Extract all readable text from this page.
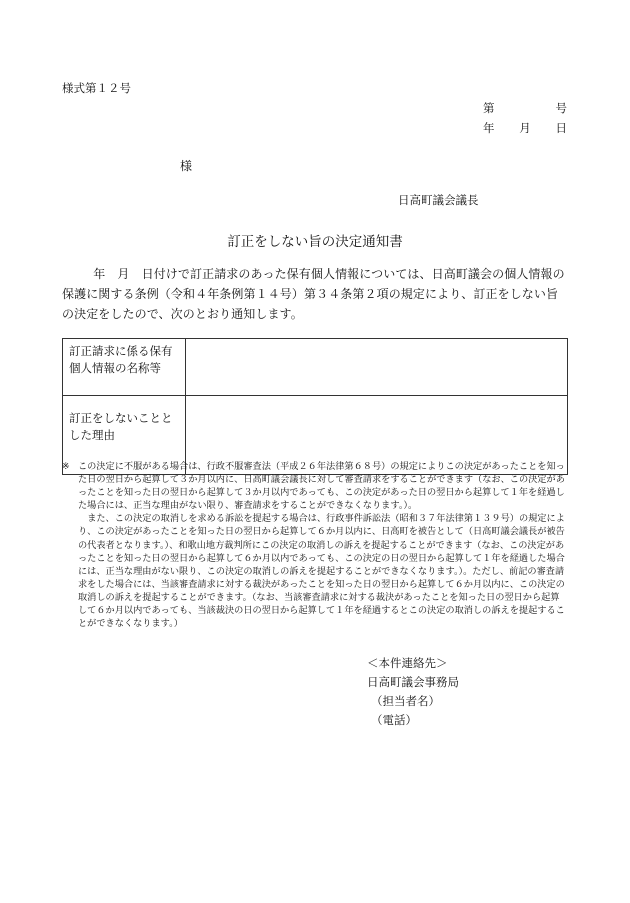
様式第１２号
第	号
年 月 日
様
日高町議会議長
訂正をしない旨の決定通知書
年　月　日付けで訂正請求のあった保有個人情報については、日高町議会の個人情報の保護に関する条例（令和４年条例第１４号）第３４条第２項の規定により、訂正をしない旨の決定をしたので、次のとおり通知します。
訂正請求に係る保有個人情報の名称等	
訂正をしないこととした理由	
※ この決定に不服がある場合は、行政不服審査法（平成２６年法律第６８号）の規定によりこの決定があったことを知った日の翌日から起算して３か月以内に、日高町議会議長に対して審査請求をすることができます（なお、この決定があったことを知った日の翌日から起算して３か月以内であっても、この決定があった日の翌日から起算して１年を経過した場合には、正当な理由がない限り、審査請求をすることができなくなります。）。

また、この決定の取消しを求める訴訟を提起する場合は、行政事件訴訟法（昭和３７年法律第１３９号）の規定により、この決定があったことを知った日の翌日から起算して６か月以内に、日高町を被告として（日高町議会議長が被告の代表者となります。）、和歌山地方裁判所にこの決定の取消しの訴えを提起することができます（なお、この決定があったことを知った日の翌日から起算して６か月以内であっても、この決定の日の翌日から起算して１年を経過した場合には、正当な理由がない限り、この決定の取消しの訴えを提起することができなくなります。）。ただし、前記の審査請求をした場合には、当該審査請求に対する裁決があったことを知った日の翌日から起算して６か月以内に、この決定の取消しの訴えを提起することができます。（なお、当該審査請求に対する裁決があったことを知った日の翌日から起算して６か月以内であっても、当該裁決の日の翌日から起算して１年を経過するとこの決定の取消しの訴えを提起することができなくなります。）

＜本件連絡先＞
日高町議会事務局
（担当者名）
（電話）
